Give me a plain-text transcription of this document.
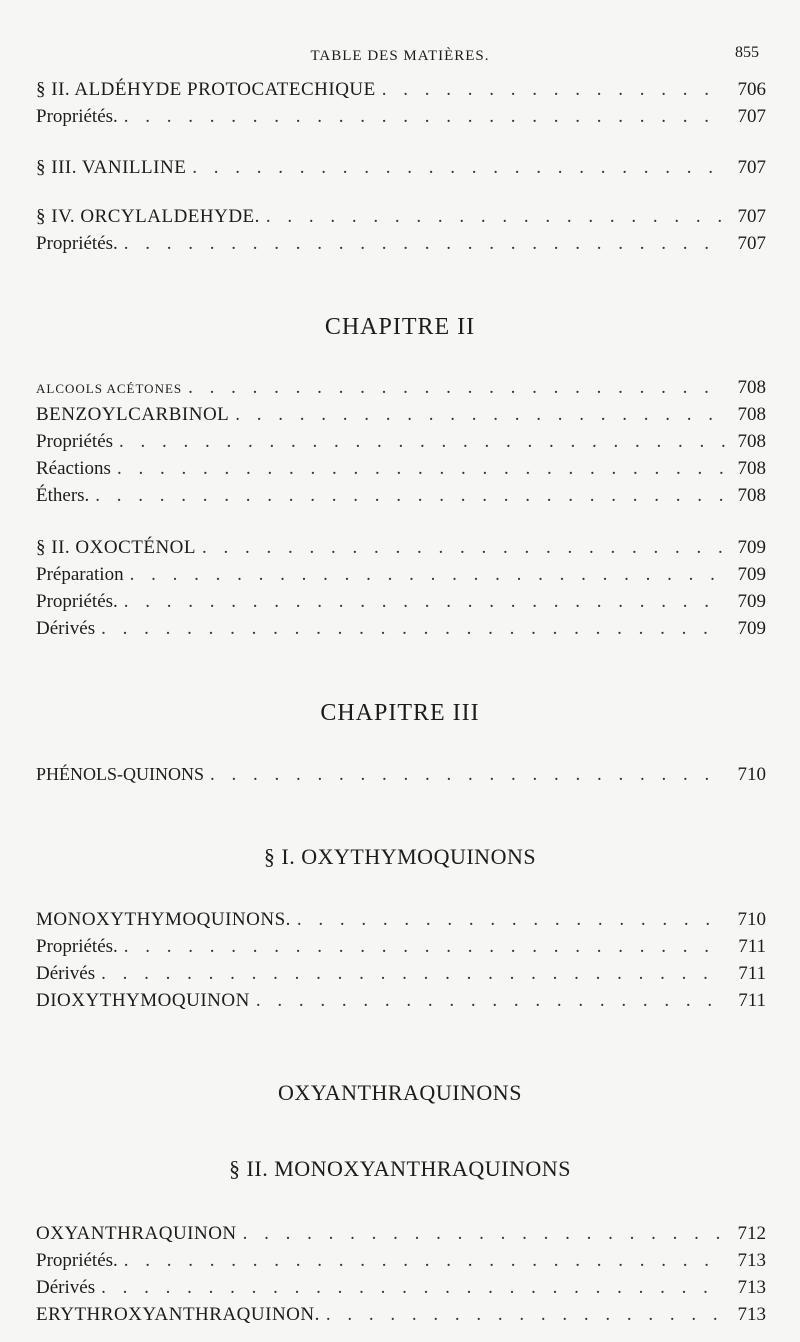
TABLE DES MATIÈRES.	855
§ II. ALDÉHYDE PROTOCATECHIQUE . . .	706
Propriétés. . . .	707
§ III. VANILLINE . . .	707
§ IV. ORCYLALDEHYDE. . . .	707
Propriétés. . . .	707
CHAPITRE II
ALCOOLS ACÉTONES . . .	708
BENZOYLCARBINOL . . .	708
Propriétés . . .	708
Réactions . . .	708
Éthers. . . .	708
§ II. OXOCTÉNOL . . .	709
Préparation . . .	709
Propriétés. . . .	709
Dérivés . . .	709
CHAPITRE III
PHÉNOLS-QUINONS . . .	710
§ I. OXYTHYMOQUINONS
MONOXYTHYMOQUINONS. . . .	710
Propriétés. . . .	711
Dérivés . . .	711
DIOXYTHYMOQUINON . . .	711
OXYANTHRAQUINONS
§ II. MONOXYANTHRAQUINONS
OXYANTHRAQUINON . . .	712
Propriétés. . . .	713
Dérivés . . .	713
ERYTHROXYANTHRAQUINON. . . .	713
